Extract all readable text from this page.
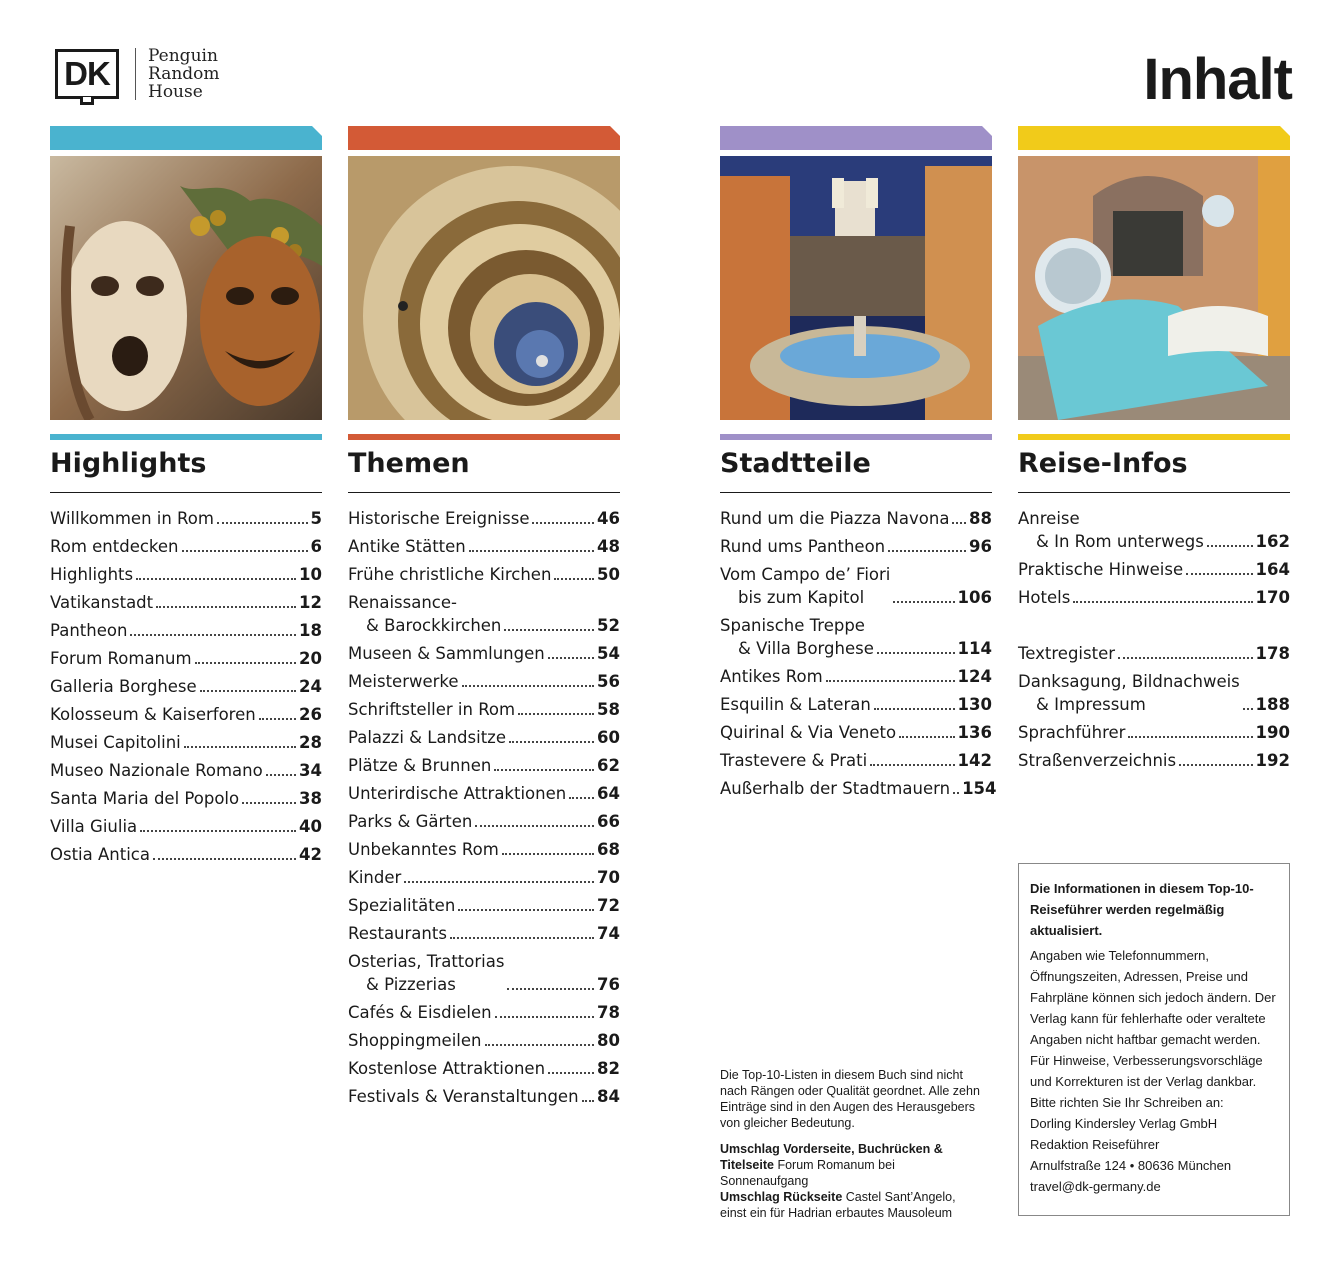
DK Penguin
Random
House	Inhalt
Highlights
Willkommen in Rom	5
Rom entdecken	6
Highlights	10
Vatikanstadt	12
Pantheon	18
Forum Romanum	20
Galleria Borghese	24
Kolosseum & Kaiserforen	26
Musei Capitolini	28
Museo Nazionale Romano 34
Santa Maria del Popolo	38
Villa Giulia	40
Ostia Antica	42
Themen
Historische Ereignisse	46
Antike Stätten	48
Frühe christliche Kirchen	50
Renaissance-
& Barockkirchen	52
Museen & Sammlungen	54
Meisterwerke	56
Schriftsteller in Rom	58
Palazzi & Landsitze	60
Plätze & Brunnen	62
Unterirdische Attraktionen 64
Parks & Gärten	66
Unbekanntes Rom	68
Kinder	70
Spezialitäten	72
Restaurants	74
Osterias, Trattorias
& Pizzerias	76
Cafés & Eisdielen	78
Shoppingmeilen	80
Kostenlose Attraktionen	82
Festivals & Veranstaltungen 84
Stadtteile
Rund um die Piazza Navona 88
Rund ums Pantheon	96
Vom Campo de’ Fiori
bis zum Kapitol	106
Spanische Treppe
& Villa Borghese	114
Antikes Rom	124
Esquilin & Lateran	130
Quirinal & Via Veneto	136
Trastevere & Prati	142
Außerhalb der Stadtmauern 154
Reise-Infos
Anreise
& In Rom unterwegs	162
Praktische Hinweise	164
Hotels	170
Textregister	178
Danksagung, Bildnachweis
& Impressum	188
Sprachführer	190
Straßenverzeichnis	192

Die Top-10-Listen in diesem Buch sind nicht nach Rängen oder Qualität geordnet. Alle zehn Einträge sind in den Augen des Herausgebers von gleicher Bedeutung.

Umschlag Vorderseite, Buchrücken & Titelseite Forum Romanum bei Sonnenaufgang
Umschlag Rückseite Castel Sant’Angelo, einst ein für Hadrian erbautes Mausoleum
Die Informationen in diesem Top-10-Reiseführer werden regelmäßig aktualisiert.
Angaben wie Telefonnummern, Öffnungszeiten, Adressen, Preise und Fahrpläne können sich jedoch ändern. Der Verlag kann für fehlerhafte oder veraltete Angaben nicht haftbar gemacht werden. Für Hinweise, Verbesserungsvorschläge und Korrekturen ist der Verlag dankbar. Bitte richten Sie Ihr Schreiben an:
Dorling Kindersley Verlag GmbH
Redaktion Reiseführer
Arnulfstraße 124 • 80636 München
travel@dk-germany.de
